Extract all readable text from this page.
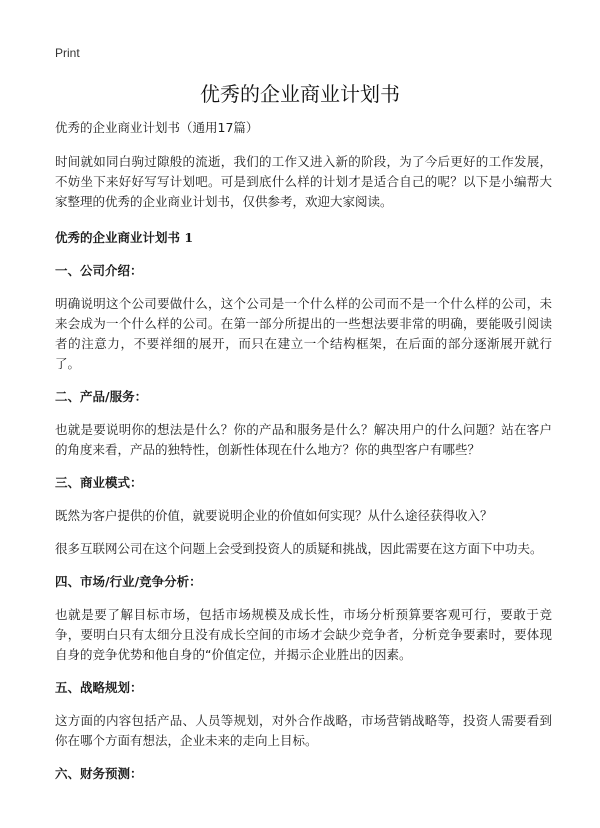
Print
优秀的企业商业计划书

优秀的企业商业计划书（通用17篇）

时间就如同白驹过隙般的流逝，我们的工作又进入新的阶段，为了今后更好的工作发展，不妨坐下来好好写写计划吧。可是到底什么样的计划才是适合自己的呢？以下是小编帮大家整理的优秀的企业商业计划书，仅供参考，欢迎大家阅读。

优秀的企业商业计划书 1

一、公司介绍：

明确说明这个公司要做什么，这个公司是一个什么样的公司而不是一个什么样的公司，未来会成为一个什么样的公司。在第一部分所提出的一些想法要非常的明确，要能吸引阅读者的注意力，不要祥细的展开，而只在建立一个结构框架，在后面的部分逐渐展开就行了。

二、产品/服务：

也就是要说明你的想法是什么？你的产品和服务是什么？解决用户的什么问题？站在客户的角度来看，产品的独特性，创新性体现在什么地方？你的典型客户有哪些？

三、商业模式：

既然为客户提供的价值，就要说明企业的价值如何实现？从什么途径获得收入？

很多互联网公司在这个问题上会受到投资人的质疑和挑战，因此需要在这方面下中功夫。

四、市场/行业/竞争分析：

也就是要了解目标市场，包括市场规模及成长性，市场分析预算要客观可行，要敢于竞争，要明白只有太细分且没有成长空间的市场才会缺少竞争者，分析竞争要素时，要体现自身的竞争优势和他自身的“价值定位，并揭示企业胜出的因素。

五、战略规划：

这方面的内容包括产品、人员等规划，对外合作战略，市场营销战略等，投资人需要看到你在哪个方面有想法，企业未来的走向上目标。

六、财务预测：
